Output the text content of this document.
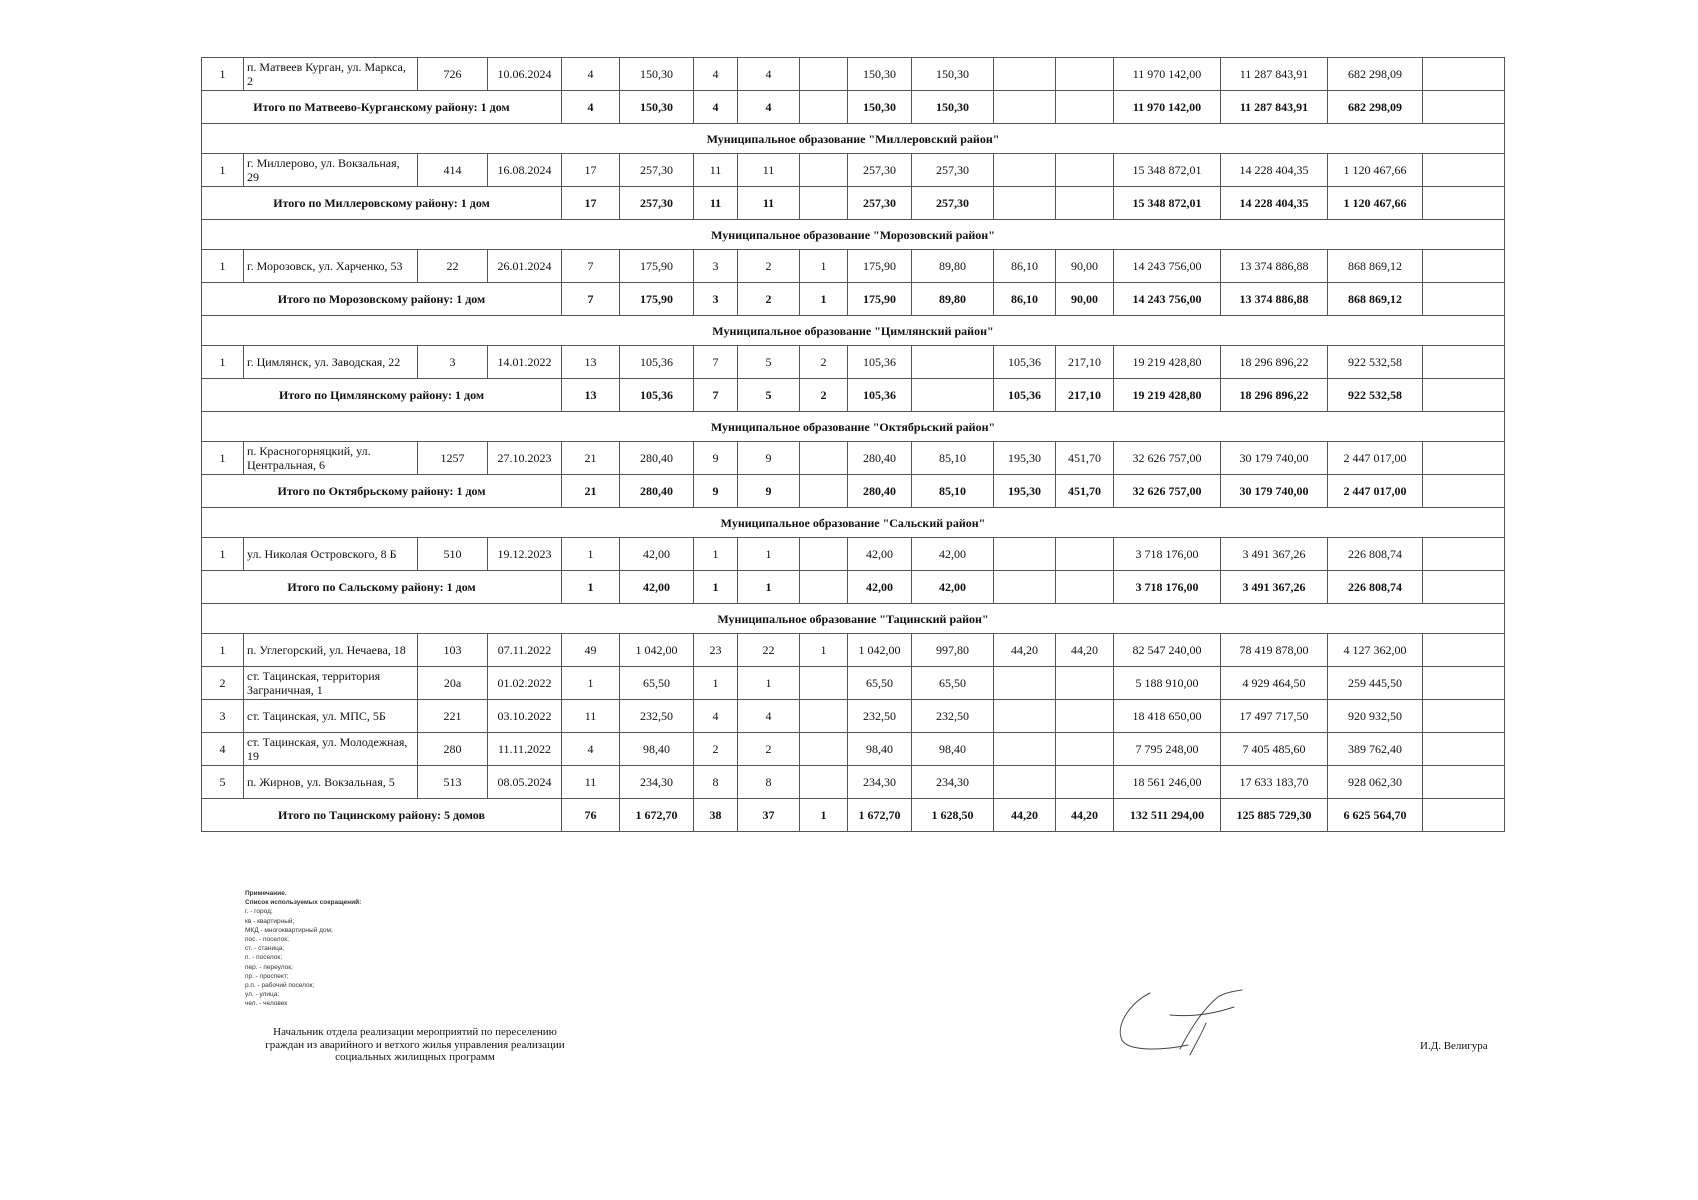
1	п. Матвеев Курган, ул. Маркса, 2	726	10.06.2024	4	150,30	4	4		150,30	150,30			11 970 142,00	11 287 843,91	682 298,09	
Итого по Матвеево-Курганскому району: 1 дом				4	150,30	4	4		150,30	150,30			11 970 142,00	11 287 843,91	682 298,09	
Муниципальное образование "Миллеровский район"																
1	г. Миллерово, ул. Вокзальная, 29	414	16.08.2024	17	257,30	11	11		257,30	257,30			15 348 872,01	14 228 404,35	1 120 467,66	
Итого по Миллеровскому району: 1 дом				17	257,30	11	11		257,30	257,30			15 348 872,01	14 228 404,35	1 120 467,66	
Муниципальное образование "Морозовский район"																
1	г. Морозовск, ул. Харченко, 53	22	26.01.2024	7	175,90	3	2	1	175,90	89,80	86,10	90,00	14 243 756,00	13 374 886,88	868 869,12	
Итого по Морозовскому району: 1 дом				7	175,90	3	2	1	175,90	89,80	86,10	90,00	14 243 756,00	13 374 886,88	868 869,12	
Муниципальное образование "Цимлянский район"																
1	г. Цимлянск, ул. Заводская, 22	3	14.01.2022	13	105,36	7	5	2	105,36		105,36	217,10	19 219 428,80	18 296 896,22	922 532,58	
Итого по Цимлянскому району: 1 дом				13	105,36	7	5	2	105,36		105,36	217,10	19 219 428,80	18 296 896,22	922 532,58	
Муниципальное образование "Октябрьский район"																
1	п. Красногорняцкий, ул. Центральная, 6	1257	27.10.2023	21	280,40	9	9		280,40	85,10	195,30	451,70	32 626 757,00	30 179 740,00	2 447 017,00	
Итого по Октябрьскому району: 1 дом				21	280,40	9	9		280,40	85,10	195,30	451,70	32 626 757,00	30 179 740,00	2 447 017,00	
Муниципальное образование "Сальский район"																
1	ул. Николая Островского, 8 Б	510	19.12.2023	1	42,00	1	1		42,00	42,00			3 718 176,00	3 491 367,26	226 808,74	
Итого по Сальскому району: 1 дом				1	42,00	1	1		42,00	42,00			3 718 176,00	3 491 367,26	226 808,74	
Муниципальное образование "Тацинский район"																
1	п. Углегорский, ул. Нечаева, 18	103	07.11.2022	49	1 042,00	23	22	1	1 042,00	997,80	44,20	44,20	82 547 240,00	78 419 878,00	4 127 362,00	
2	ст. Тацинская, территория Заграничная, 1	20а	01.02.2022	1	65,50	1	1		65,50	65,50			5 188 910,00	4 929 464,50	259 445,50	
3	ст. Тацинская, ул. МПС, 5Б	221	03.10.2022	11	232,50	4	4		232,50	232,50			18 418 650,00	17 497 717,50	920 932,50	
4	ст. Тацинская, ул. Молодежная, 19	280	11.11.2022	4	98,40	2	2		98,40	98,40			7 795 248,00	7 405 485,60	389 762,40	
5	п. Жирнов, ул. Вокзальная, 5	513	08.05.2024	11	234,30	8	8		234,30	234,30			18 561 246,00	17 633 183,70	928 062,30	
Итого по Тацинскому району: 5 домов				76	1 672,70	38	37	1	1 672,70	1 628,50	44,20	44,20	132 511 294,00	125 885 729,30	6 625 564,70	
Примечание.
Список используемых сокращений:
г. - город;
кв - квартирный;
МКД - многоквартирный дом;
пос. - поселок;
ст. - станица;
п. - поселок;
пер. - переулок;
пр. - проспект;
р.п. - рабочий поселок;
ул. - улица;
чел. - человек
Начальник отдела реализации мероприятий по переселению
граждан из аварийного и ветхого жилья управления реализации
социальных жилищных программ
И.Д. Велигура
